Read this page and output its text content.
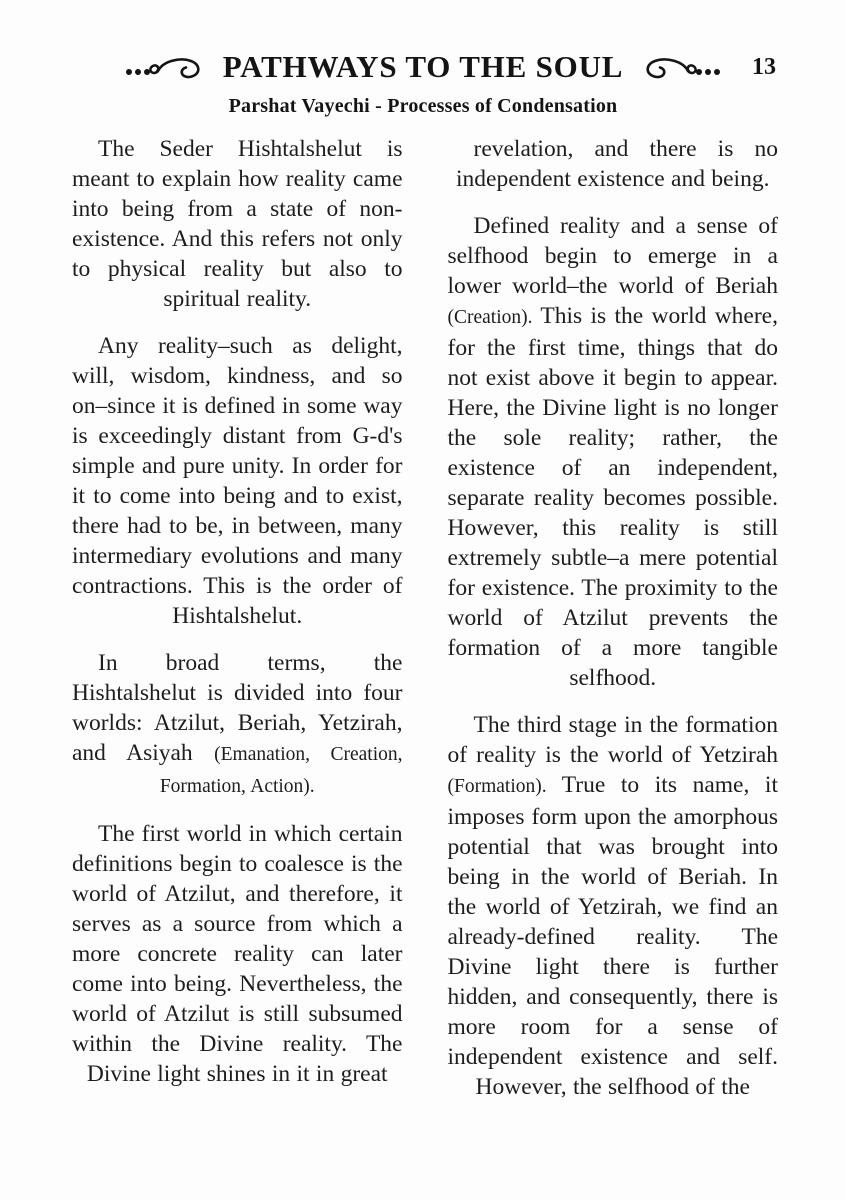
PATHWAYS TO THE SOUL	13
Parshat Vayechi - Processes of Condensation

The Seder Hishtalshelut is meant to explain how reality came into being from a state of non-existence. And this refers not only to physical reality but also to spiritual reality.

Any reality–such as delight, will, wisdom, kindness, and so on–since it is defined in some way is exceedingly distant from G-d's simple and pure unity. In order for it to come into being and to exist, there had to be, in between, many intermediary evolutions and many contractions. This is the order of Hishtalshelut.

In broad terms, the Hishtalshelut is divided into four worlds: Atzilut, Beriah, Yetzirah, and Asiyah (Emanation, Creation, Formation, Action).

The first world in which certain definitions begin to coalesce is the world of Atzilut, and therefore, it serves as a source from which a more concrete reality can later come into being. Nevertheless, the world of Atzilut is still subsumed within the Divine reality. The Divine light shines in it in great

revelation, and there is no independent existence and being.

Defined reality and a sense of selfhood begin to emerge in a lower world–the world of Beriah (Creation). This is the world where, for the first time, things that do not exist above it begin to appear. Here, the Divine light is no longer the sole reality; rather, the existence of an independent, separate reality becomes possible. However, this reality is still extremely subtle–a mere potential for existence. The proximity to the world of Atzilut prevents the formation of a more tangible selfhood.

The third stage in the formation of reality is the world of Yetzirah (Formation). True to its name, it imposes form upon the amorphous potential that was brought into being in the world of Beriah. In the world of Yetzirah, we find an already-defined reality. The Divine light there is further hidden, and consequently, there is more room for a sense of independent existence and self. However, the selfhood of the
